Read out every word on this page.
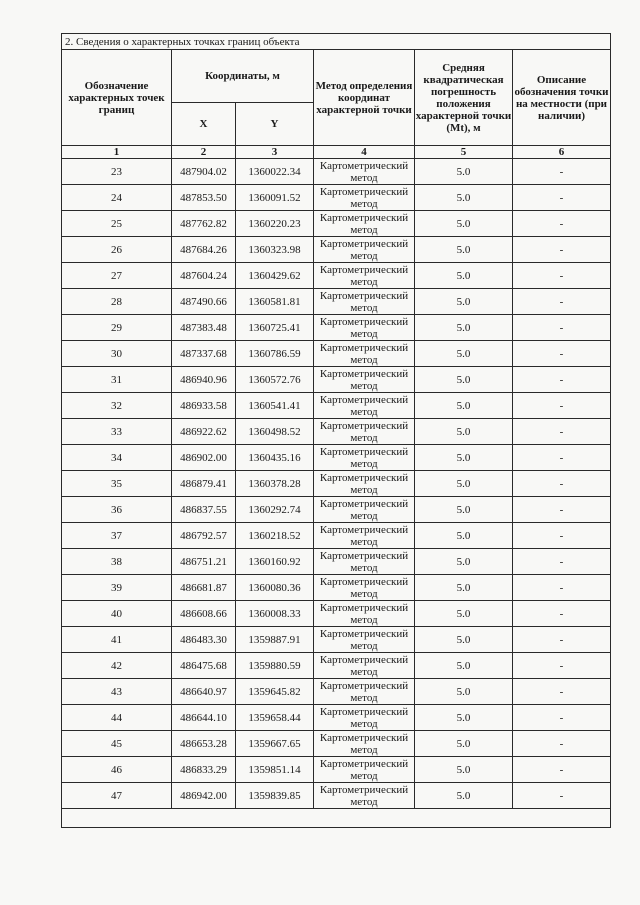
2. Сведения о характерных точках границ объекта					
Обозначение характерных точек границ	Координаты, м		Метод определения координат характерной точки	Средняя квадратическая погрешность положения характерной точки (Mt), м	Описание обозначения точки на местности (при наличии)
	X	Y			
1	2	3	4	5	6
23	487904.02	1360022.34	Картометрический метод	5.0	-
24	487853.50	1360091.52	Картометрический метод	5.0	-
25	487762.82	1360220.23	Картометрический метод	5.0	-
26	487684.26	1360323.98	Картометрический метод	5.0	-
27	487604.24	1360429.62	Картометрический метод	5.0	-
28	487490.66	1360581.81	Картометрический метод	5.0	-
29	487383.48	1360725.41	Картометрический метод	5.0	-
30	487337.68	1360786.59	Картометрический метод	5.0	-
31	486940.96	1360572.76	Картометрический метод	5.0	-
32	486933.58	1360541.41	Картометрический метод	5.0	-
33	486922.62	1360498.52	Картометрический метод	5.0	-
34	486902.00	1360435.16	Картометрический метод	5.0	-
35	486879.41	1360378.28	Картометрический метод	5.0	-
36	486837.55	1360292.74	Картометрический метод	5.0	-
37	486792.57	1360218.52	Картометрический метод	5.0	-
38	486751.21	1360160.92	Картометрический метод	5.0	-
39	486681.87	1360080.36	Картометрический метод	5.0	-
40	486608.66	1360008.33	Картометрический метод	5.0	-
41	486483.30	1359887.91	Картометрический метод	5.0	-
42	486475.68	1359880.59	Картометрический метод	5.0	-
43	486640.97	1359645.82	Картометрический метод	5.0	-
44	486644.10	1359658.44	Картометрический метод	5.0	-
45	486653.28	1359667.65	Картометрический метод	5.0	-
46	486833.29	1359851.14	Картометрический метод	5.0	-
47	486942.00	1359839.85	Картометрический метод	5.0	-
